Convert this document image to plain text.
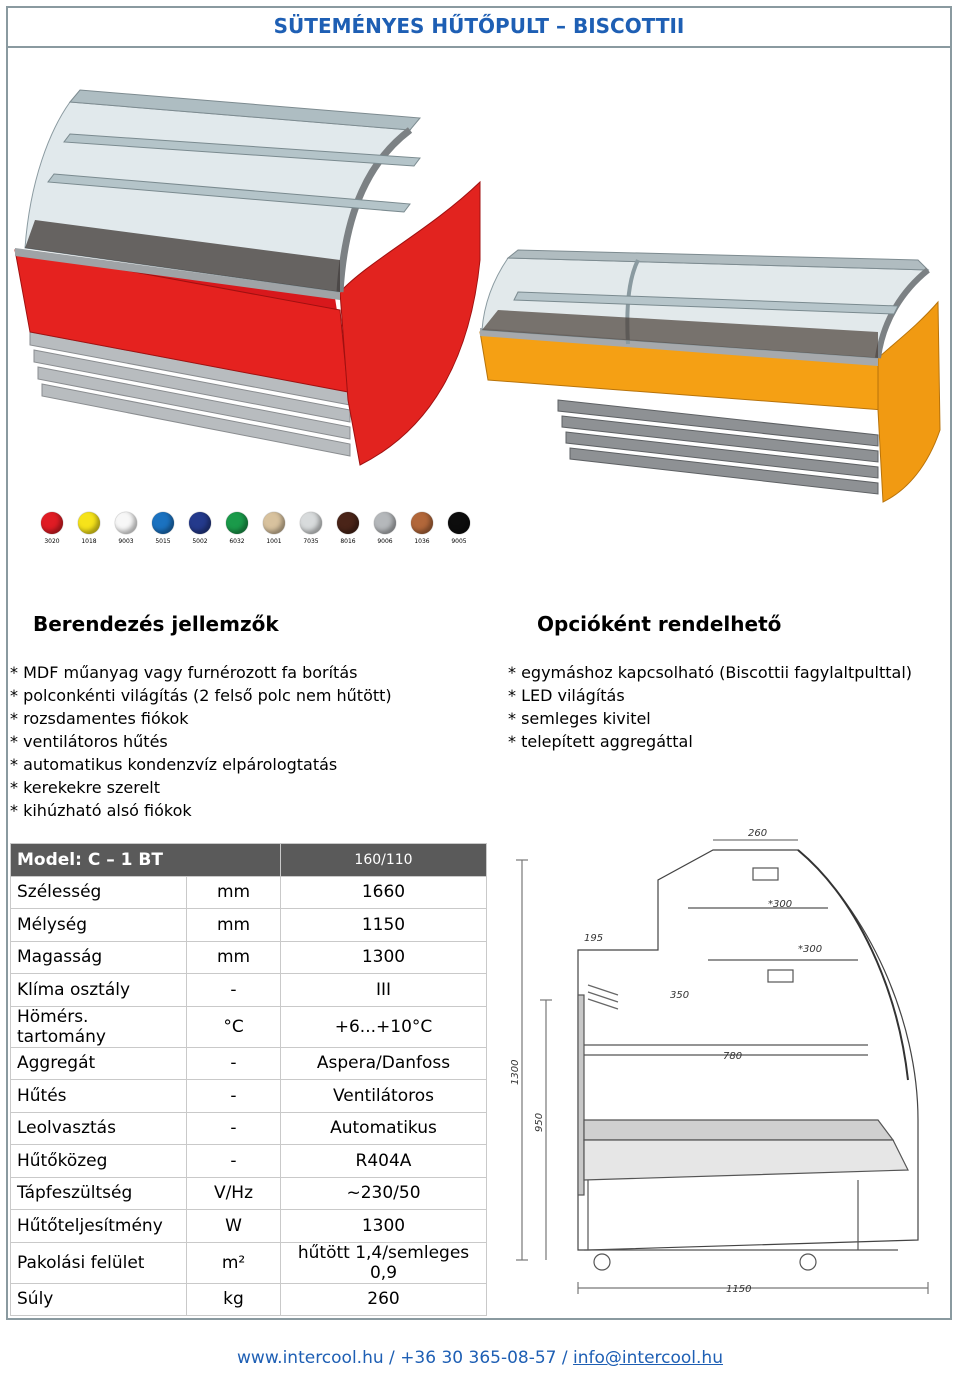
SÜTEMÉNYES HŰTŐPULT – BISCOTTII
3020	1018	9003	5015	5002	6032	1001	7035	8016	9006	1036	9005
Berendezés jellemzők	Opcióként rendelhető
* MDF műanyag vagy furnérozott fa borítás
* polconkénti világítás (2 felső polc nem hűtött)
* rozsdamentes fiókok
* ventilátoros hűtés
* automatikus kondenzvíz elpárologtatás
* kerekekre szerelt
* kihúzható alsó fiókok
* egymáshoz kapcsolható (Biscottii fagylaltpulttal)
* LED világítás
* semleges kivitel
* telepített aggregáttal
Model: C – 1 BT		160/110
Szélesség	mm	1660
Mélység	mm	1150
Magasság	mm	1300
Klíma osztály	-	III
Hömérs. tartomány	°C	+6...+10°C
Aggregát	-	Aspera/Danfoss
Hűtés	-	Ventilátoros
Leolvasztás	-	Automatikus
Hűtőközeg	-	R404A
Tápfeszültség	V/Hz	~230/50
Hűtőteljesítmény	W	1300
Pakolási felület	m²	hűtött 1,4/semleges 0,9
Súly	kg	260
260
*300
*300
195
350
780
1300
950
1150
www.intercool.hu / +36 30 365-08-57 / info@intercool.hu
